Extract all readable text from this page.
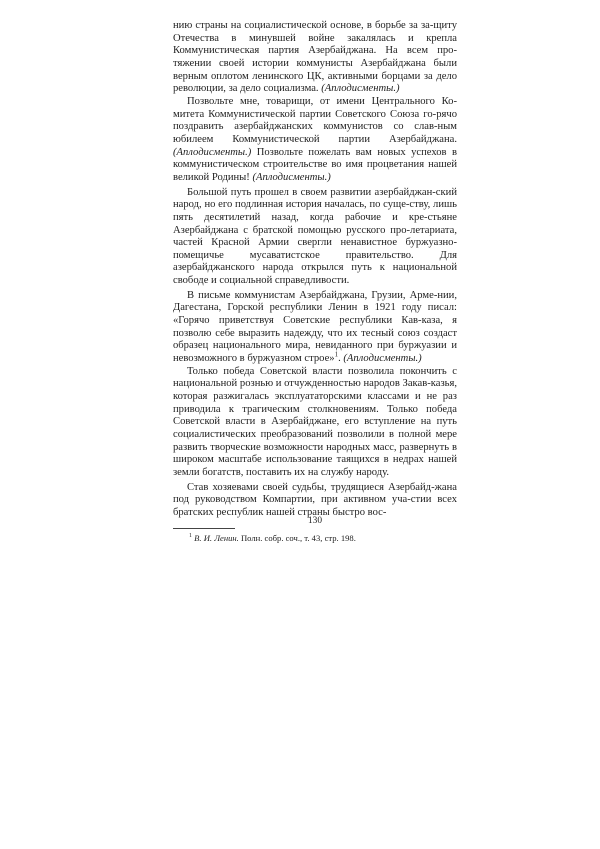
нию страны на социалистической основе, в борьбе за за-щиту Отечества в минувшей войне закалялась и крепла Коммунистическая партия Азербайджана. На всем про-тяжении своей истории коммунисты Азербайджана были верным оплотом ленинского ЦК, активными борцами за дело революции, за дело социализма. (Аплодисменты.)

Позвольте мне, товарищи, от имени Центрального Ко-митета Коммунистической партии Советского Союза го-рячо поздравить азербайджанских коммунистов со слав-ным юбилеем Коммунистической партии Азербайджана. (Аплодисменты.) Позвольте пожелать вам новых успехов в коммунистическом строительстве во имя процветания нашей великой Родины! (Аплодисменты.)

Большой путь прошел в своем развитии азербайджан-ский народ, но его подлинная история началась, по суще-ству, лишь пять десятилетий назад, когда рабочие и кре-стьяне Азербайджана с братской помощью русского про-летариата, частей Красной Армии свергли ненавистное буржуазно-помещичье мусаватистское правительство. Для азербайджанского народа открылся путь к национальной свободе и социальной справедливости.

В письме коммунистам Азербайджана, Грузии, Арме-нии, Дагестана, Горской республики Ленин в 1921 году писал: «Горячо приветствуя Советские республики Кав-каза, я позволю себе выразить надежду, что их тесный союз создаст образец национального мира, невиданного при буржуазии и невозможного в буржуазном строе»$^1$. (Аплодисменты.)

Только победа Советской власти позволила покончить с национальной рознью и отчужденностью народов Закав-казья, которая разжигалась эксплуататорскими классами и не раз приводила к трагическим столкновениям. Только победа Советской власти в Азербайджане, его вступление на путь социалистических преобразований позволили в полной мере развить творческие возможности народных масс, развернуть в широком масштабе использование таящихся в недрах нашей земли богатств, поставить их на службу народу.

Став хозяевами своей судьбы, трудящиеся Азербайд-жана под руководством Компартии, при активном уча-стии всех братских республик нашей страны быстро вос-

$^1$ В. И. Ленин. Полн. собр. соч., т. 43, стр. 198.
130
